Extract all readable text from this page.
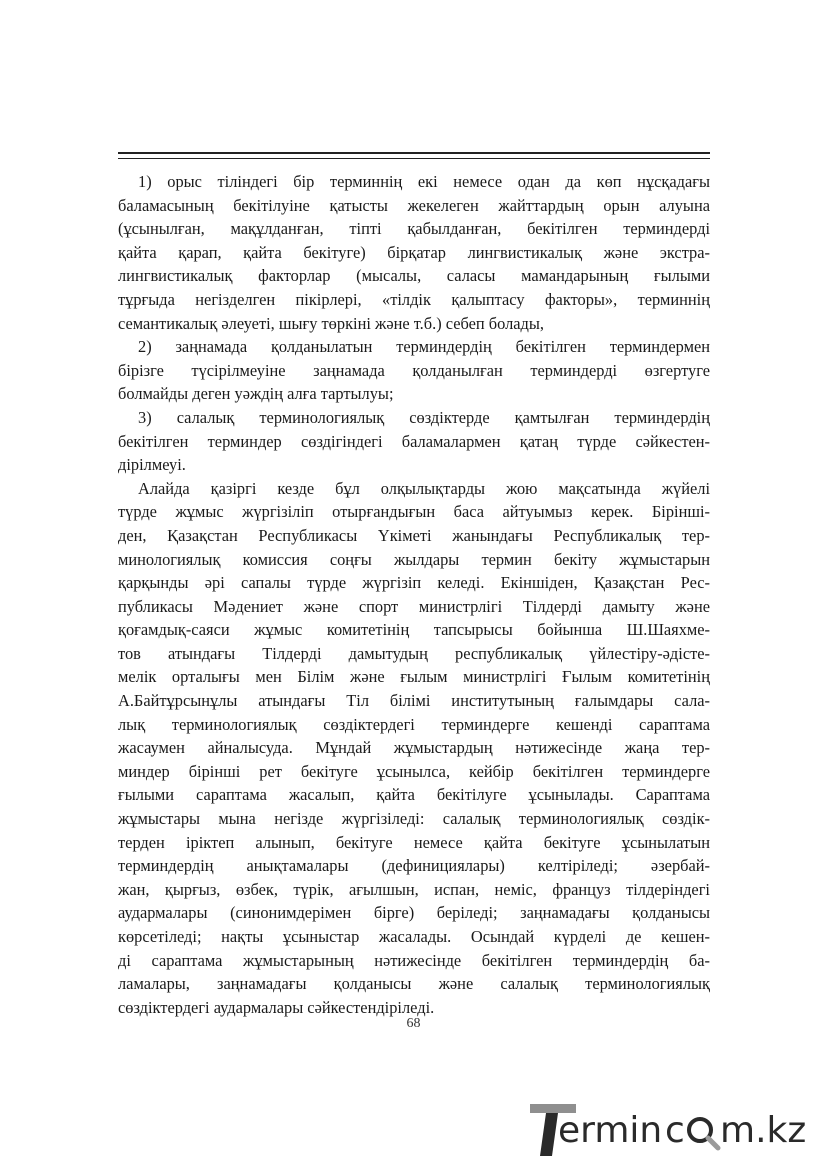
1) орыс тіліндегі бір терминнің екі немесе одан да көп нұсқадағы
баламасының бекітілуіне қатысты жекелеген жайттардың орын алуына
(ұсынылған, мақұлданған, тіпті қабылданған, бекітілген терминдерді
қайта қарап, қайта бекітуге) бірқатар лингвистикалық және экстра-
лингвистикалық факторлар (мысалы, саласы мамандарының ғылыми
тұрғыда негізделген пікірлері, «тілдік қалыптасу факторы», терминнің
семантикалық әлеуеті, шығу төркіні және т.б.) себеп болады,

2) заңнамада қолданылатын терминдердің бекітілген терминдермен
бірізге түсірілмеуіне заңнамада қолданылған терминдерді өзгертуге
болмайды деген уәждің алға тартылуы;

3) салалық терминологиялық сөздіктерде қамтылған терминдердің
бекітілген терминдер сөздігіндегі баламалармен қатаң түрде сәйкестен-
дірілмеуі.

Алайда қазіргі кезде бұл олқылықтарды жою мақсатында жүйелі
түрде жұмыс жүргізіліп отырғандығын баса айтуымыз керек. Біріншi-
ден, Қазақстан Республикасы Үкіметі жанындағы Республикалық тер-
минологиялық комиссия соңғы жылдары термин бекіту жұмыстарын
қарқынды әрі сапалы түрде жүргізіп келеді. Екіншіден, Қазақстан Рес-
публикасы Мәдениет және спорт министрлігі Тілдерді дамыту және
қоғамдық-саяси жұмыс комитетінің тапсырысы бойынша Ш.Шаяхме-
тов атындағы Тілдерді дамытудың республикалық үйлестіру-әдісте-
мелік орталығы мен Білім және ғылым министрлігі Ғылым комитетінің
А.Байтұрсынұлы атындағы Тіл білімі институтының ғалымдары сала-
лық терминологиялық сөздіктердегі терминдерге кешенді сараптама
жасаумен айналысуда. Мұндай жұмыстардың нәтижесінде жаңа тер-
миндер бірінші рет бекітуге ұсынылса, кейбір бекітілген терминдерге
ғылыми сараптама жасалып, қайта бекітілуге ұсынылады. Сараптама
жұмыстары мына негізде жүргізіледі: салалық терминологиялық сөздік-
терден іріктеп алынып, бекітуге немесе қайта бекітуге ұсынылатын
терминдердің анықтамалары (дефинициялары) келтіріледі; әзербай-
жан, қырғыз, өзбек, түрік, ағылшын, испан, неміс, француз тілдеріндегі
аудармалары (синонимдерімен бірге) беріледі; заңнамадағы қолданысы
көрсетіледі; нақты ұсыныстар жасалады. Осындай күрделі де кешен-
ді сараптама жұмыстарының нәтижесінде бекітілген терминдердің ба-
ламалары, заңнамадағы қолданысы және салалық терминологиялық
сөздіктердегі аудармалары сәйкестендіріледі.

68
ermin c m.kz
